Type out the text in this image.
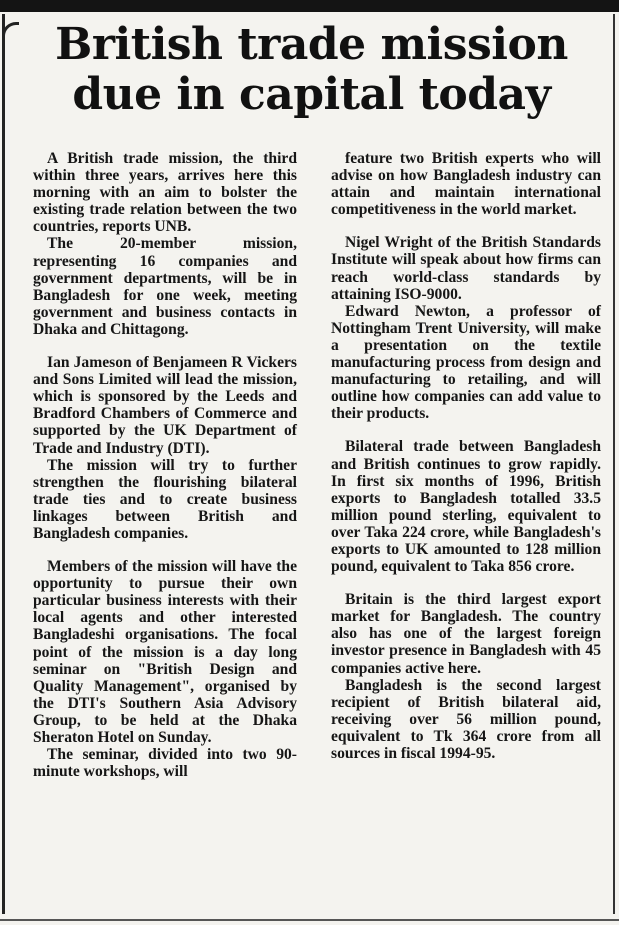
British trade mission due in capital today

A British trade mission, the third within three years, arrives here this morning with an aim to bolster the existing trade relation between the two countries, reports UNB.

The 20-member mission, representing 16 companies and government departments, will be in Bangladesh for one week, meeting government and business contacts in Dhaka and Chittagong.

Ian Jameson of Benjameen R Vickers and Sons Limited will lead the mission, which is sponsored by the Leeds and Bradford Chambers of Commerce and supported by the UK Department of Trade and Industry (DTI).

The mission will try to further strengthen the flourishing bilateral trade ties and to create business linkages between British and Bangladesh companies.

Members of the mission will have the opportunity to pursue their own particular business interests with their local agents and other interested Bangladeshi organisations. The focal point of the mission is a day long seminar on "British Design and Quality Management", organised by the DTI's Southern Asia Advisory Group, to be held at the Dhaka Sheraton Hotel on Sunday.

The seminar, divided into two 90-minute workshops, will

feature two British experts who will advise on how Bangladesh industry can attain and maintain international competitiveness in the world market.

Nigel Wright of the British Standards Institute will speak about how firms can reach world-class standards by attaining ISO-9000.

Edward Newton, a professor of Nottingham Trent University, will make a presentation on the textile manufacturing process from design and manufacturing to retailing, and will outline how companies can add value to their products.

Bilateral trade between Bangladesh and British continues to grow rapidly. In first six months of 1996, British exports to Bangladesh totalled 33.5 million pound sterling, equivalent to over Taka 224 crore, while Bangladesh's exports to UK amounted to 128 million pound, equivalent to Taka 856 crore.

Britain is the third largest export market for Bangladesh. The country also has one of the largest foreign investor presence in Bangladesh with 45 companies active here.

Bangladesh is the second largest recipient of British bilateral aid, receiving over 56 million pound, equivalent to Tk 364 crore from all sources in fiscal 1994-95.
